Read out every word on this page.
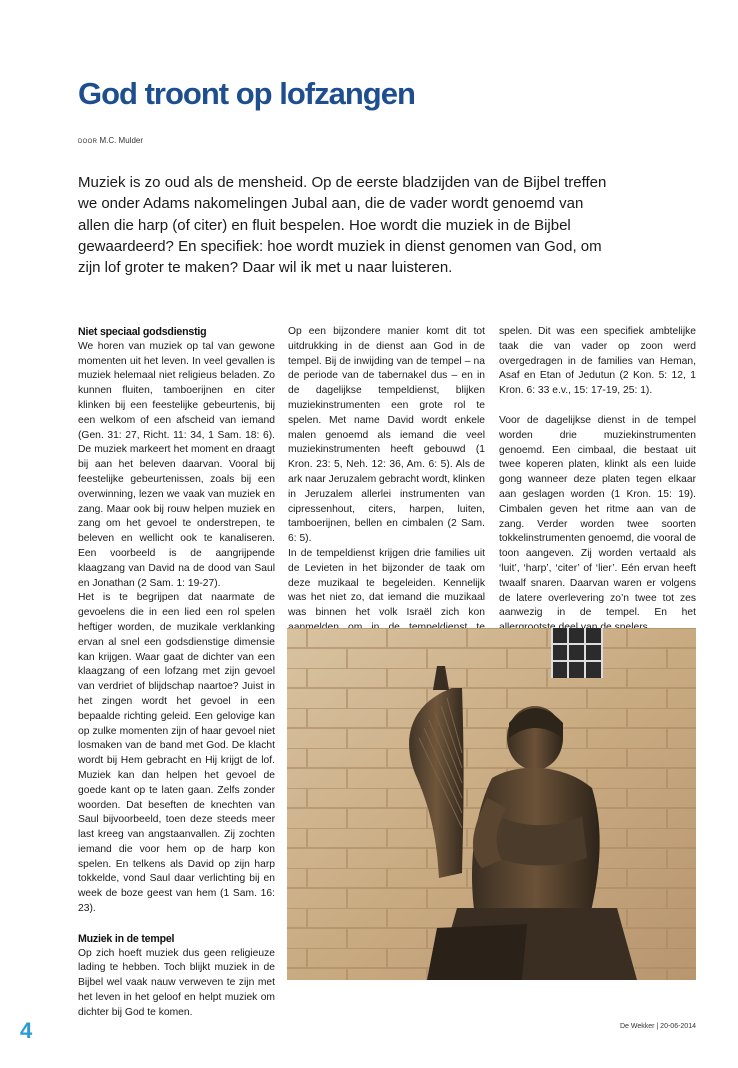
God troont op lofzangen
DOOR M.C. Mulder

Muziek is zo oud als de mensheid. Op de eerste bladzijden van de Bijbel treffen we onder Adams nakomelingen Jubal aan, die de vader wordt genoemd van allen die harp (of citer) en fluit bespelen. Hoe wordt die muziek in de Bijbel gewaardeerd? En specifiek: hoe wordt muziek in dienst genomen van God, om zijn lof groter te maken? Daar wil ik met u naar luisteren.

Niet speciaal godsdienstig

We horen van muziek op tal van gewone momenten uit het leven. In veel gevallen is muziek helemaal niet religieus beladen. Zo kunnen fluiten, tamboerijnen en citer klinken bij een feestelijke gebeurtenis, bij een welkom of een afscheid van iemand (Gen. 31: 27, Richt. 11: 34, 1 Sam. 18: 6). De muziek markeert het moment en draagt bij aan het beleven daarvan. Vooral bij feestelijke gebeurtenissen, zoals bij een overwinning, lezen we vaak van muziek en zang. Maar ook bij rouw helpen muziek en zang om het gevoel te onderstrepen, te beleven en wellicht ook te kanaliseren. Een voorbeeld is de aangrijpende klaagzang van David na de dood van Saul en Jonathan (2 Sam. 1: 19-27).

Het is te begrijpen dat naarmate de gevoelens die in een lied een rol spelen heftiger worden, de muzikale verklanking ervan al snel een godsdienstige dimensie kan krijgen. Waar gaat de dichter van een klaagzang of een lofzang met zijn gevoel van verdriet of blijdschap naartoe? Juist in het zingen wordt het gevoel in een bepaalde richting geleid. Een gelovige kan op zulke momenten zijn of haar gevoel niet losmaken van de band met God. De klacht wordt bij Hem gebracht en Hij krijgt de lof. Muziek kan dan helpen het gevoel de goede kant op te laten gaan. Zelfs zonder woorden. Dat beseften de knechten van Saul bijvoorbeeld, toen deze steeds meer last kreeg van angstaanvallen. Zij zochten iemand die voor hem op de harp kon spelen. En telkens als David op zijn harp tokkelde, vond Saul daar verlichting bij en week de boze geest van hem (1 Sam. 16: 23).

Muziek in de tempel

Op zich hoeft muziek dus geen religieuze lading te hebben. Toch blijkt muziek in de Bijbel wel vaak nauw verweven te zijn met het leven in het geloof en helpt muziek om dichter bij God te komen.

Op een bijzondere manier komt dit tot uitdrukking in de dienst aan God in de tempel. Bij de inwijding van de tempel – na de periode van de tabernakel dus – en in de dagelijkse tempeldienst, blijken muziekinstrumenten een grote rol te spelen. Met name David wordt enkele malen genoemd als iemand die veel muziekinstrumenten heeft gebouwd (1 Kron. 23: 5, Neh. 12: 36, Am. 6: 5). Als de ark naar Jeruzalem gebracht wordt, klinken in Jeruzalem allerlei instrumenten van cipressenhout, citers, harpen, luiten, tamboerijnen, bellen en cimbalen (2 Sam. 6: 5).

In de tempeldienst krijgen drie families uit de Levieten in het bijzonder de taak om deze muzikaal te begeleiden. Kennelijk was het niet zo, dat iemand die muzikaal was binnen het volk Israël zich kon

spelen. Dit was een specifiek ambtelijke taak die van vader op zoon werd overgedragen in de families van Heman, Asaf en Etan of Jedutun (2 Kon. 5: 12, 1 Kron. 6: 33 e.v., 15: 17-19, 25: 1).

Voor de dagelijkse dienst in de tempel worden drie muziekinstrumenten genoemd. Een cimbaal, die bestaat uit twee koperen platen, klinkt als een luide gong wanneer deze platen tegen elkaar aan geslagen worden (1 Kron. 15: 19). Cimbalen geven het ritme aan van de zang. Verder worden twee soorten tokkelinstrumenten genoemd, die vooral de toon aangeven. Zij worden vertaald als ‘luit’, ‘harp’, ‘citer’ of ‘lier’. Eén ervan heeft twaalf snaren. Daarvan waren er volgens de latere overlevering zo’n twee tot zes aanwezig in de tempel. En het

4	De Wekker | 20-06-2014
